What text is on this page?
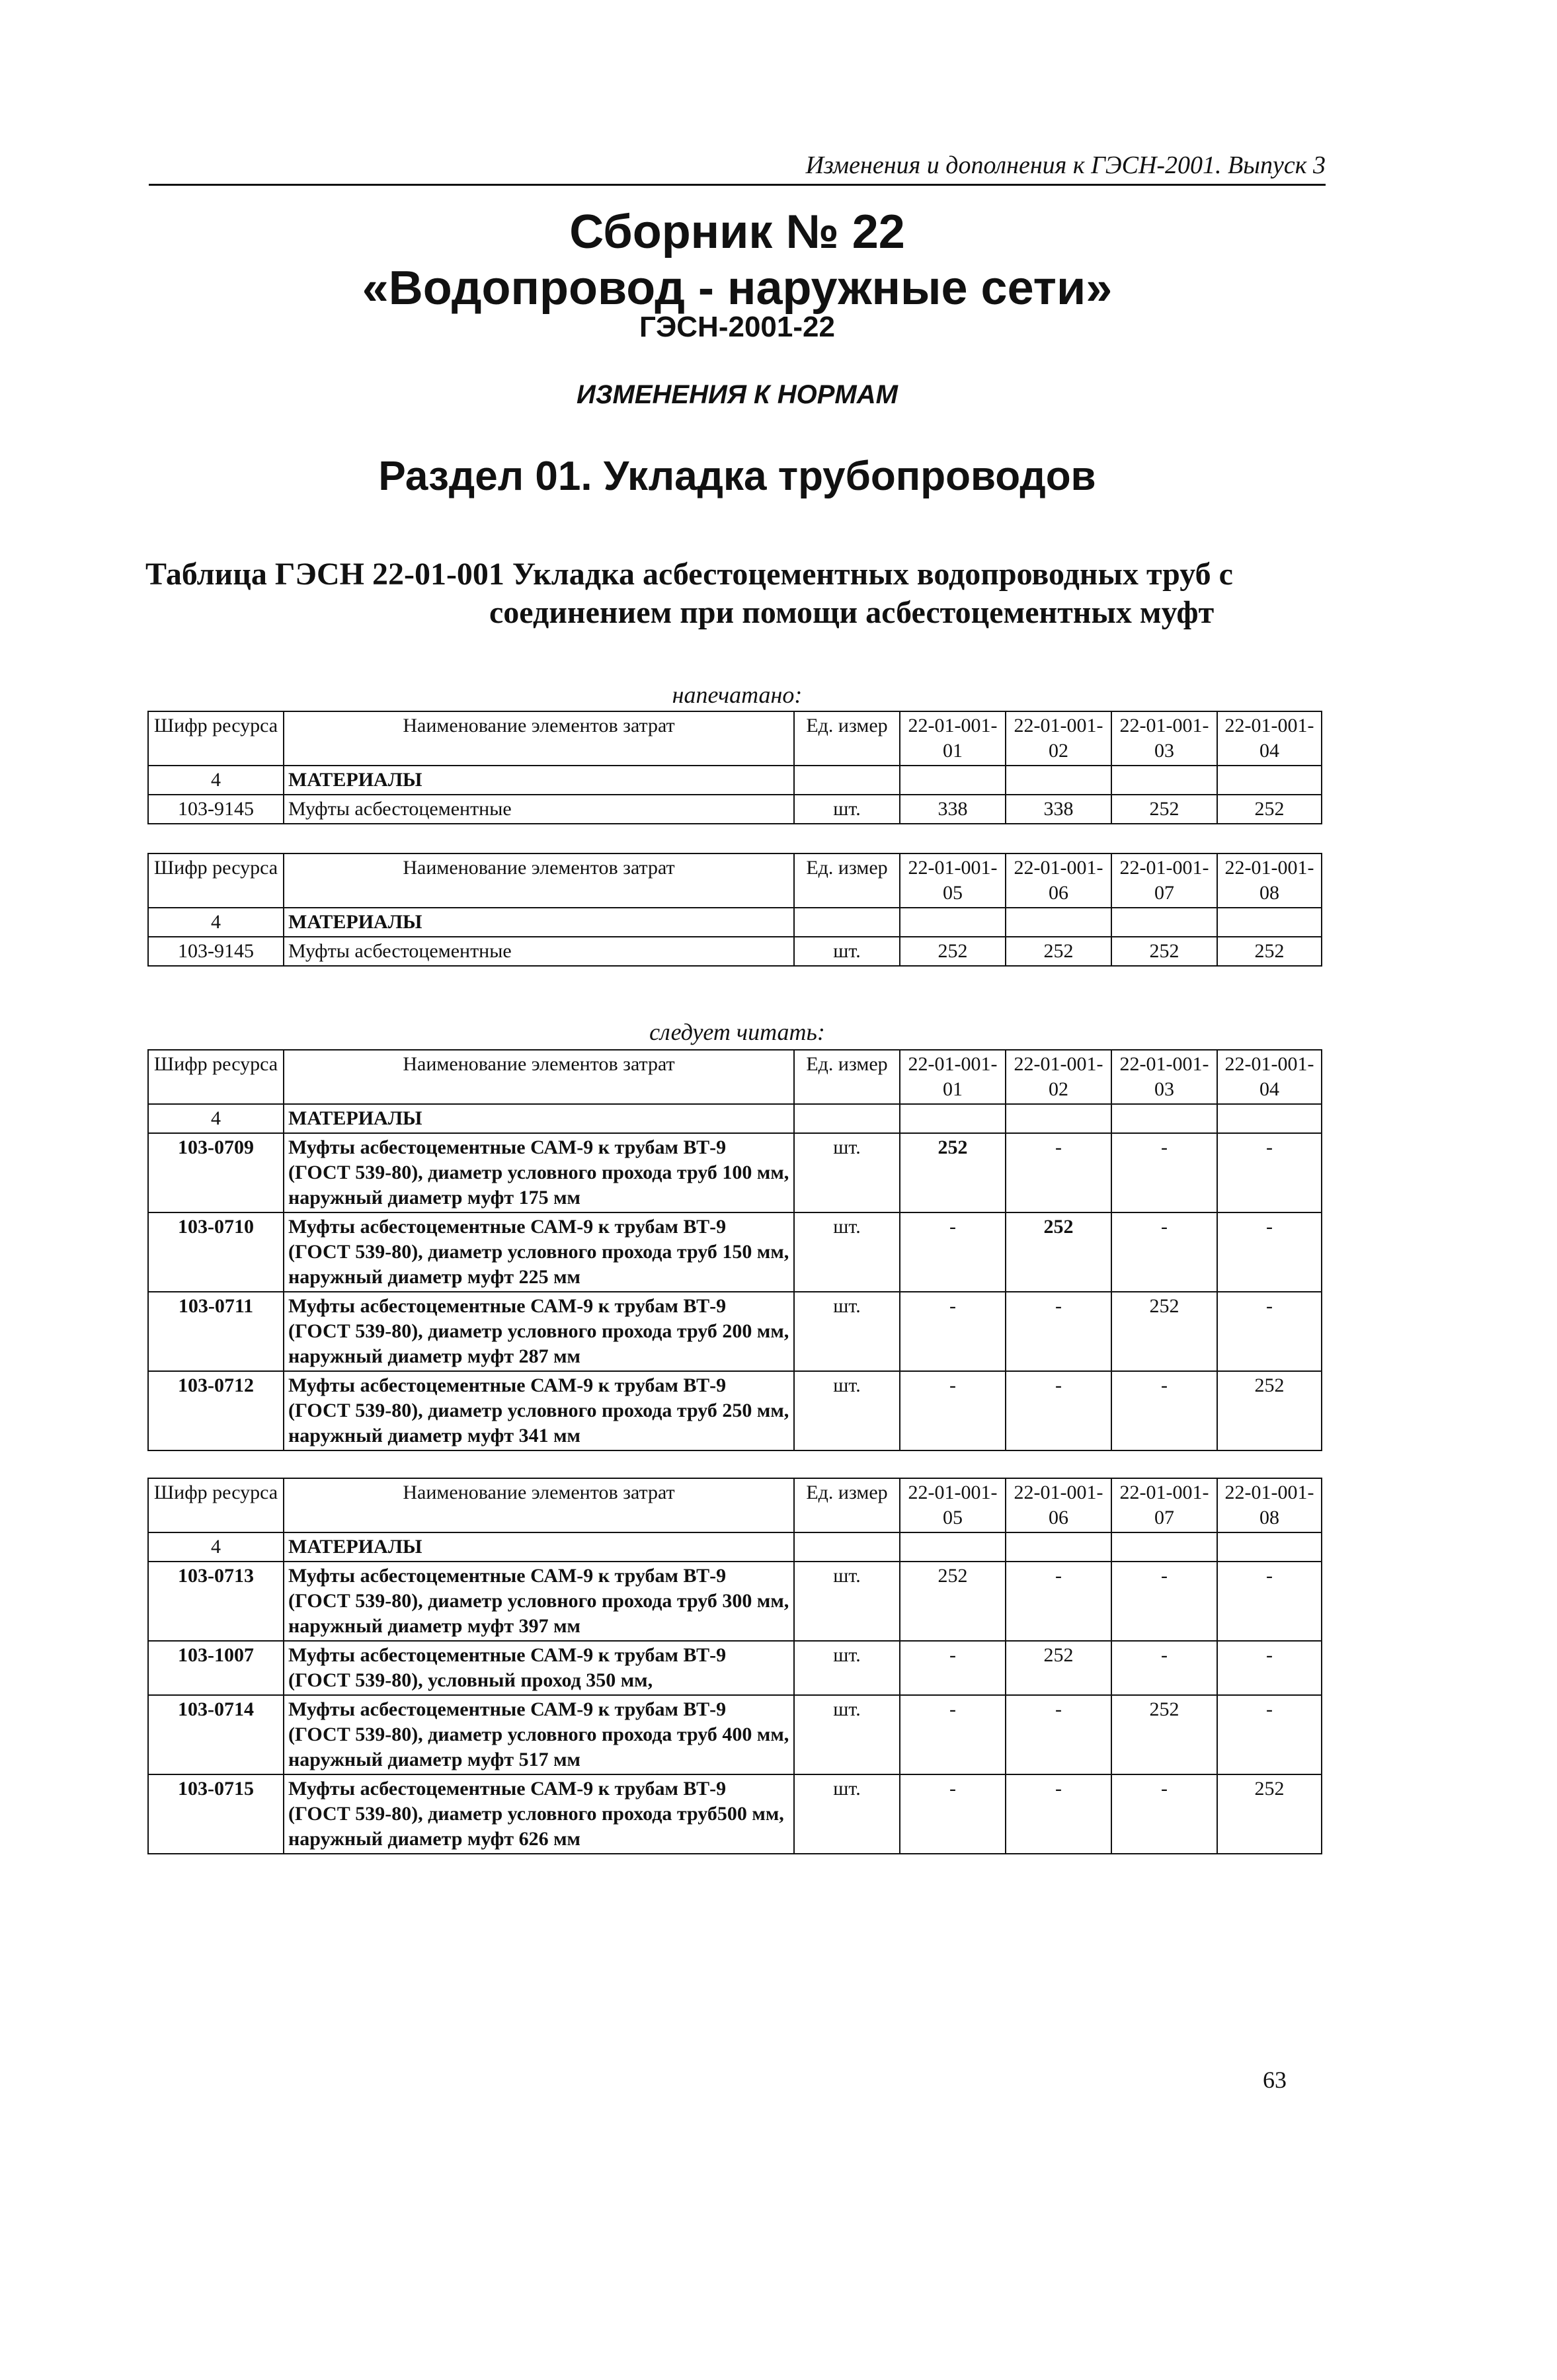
Изменения и дополнения к ГЭСН-2001. Выпуск 3
Сборник № 22
«Водопровод - наружные сети»
ГЭСН-2001-22
ИЗМЕНЕНИЯ К НОРМАМ
Раздел 01. Укладка трубопроводов
Таблица ГЭСН 22-01-001 Укладка асбестоцементных водопроводных труб с
соединением при помощи асбестоцементных муфт
напечатано:
Шифр ресурса	Наименование элементов затрат	Ед. измер	22-01-001-01	22-01-001-02	22-01-001-03	22-01-001-04
4	МАТЕРИАЛЫ					
103-9145	Муфты асбестоцементные	шт.	338	338	252	252
Шифр ресурса	Наименование элементов затрат	Ед. измер	22-01-001-05	22-01-001-06	22-01-001-07	22-01-001-08
4	МАТЕРИАЛЫ					
103-9145	Муфты асбестоцементные	шт.	252	252	252	252
следует читать:
Шифр ресурса	Наименование элементов затрат	Ед. измер	22-01-001-01	22-01-001-02	22-01-001-03	22-01-001-04
4	МАТЕРИАЛЫ					
103-0709	Муфты асбестоцементные САМ-9 к трубам ВТ-9 (ГОСТ 539-80), диаметр условного прохода труб 100 мм, наружный диаметр муфт 175 мм	шт.	252	-	-	-
103-0710	Муфты асбестоцементные САМ-9 к трубам ВТ-9 (ГОСТ 539-80), диаметр условного прохода труб 150 мм, наружный диаметр муфт 225 мм	шт.	-	252	-	-
103-0711	Муфты асбестоцементные САМ-9 к трубам ВТ-9 (ГОСТ 539-80), диаметр условного прохода труб 200 мм, наружный диаметр муфт 287 мм	шт.	-	-	252	-
103-0712	Муфты асбестоцементные САМ-9 к трубам ВТ-9 (ГОСТ 539-80), диаметр условного прохода труб 250 мм, наружный диаметр муфт 341 мм	шт.	-	-	-	252
Шифр ресурса	Наименование элементов затрат	Ед. измер	22-01-001-05	22-01-001-06	22-01-001-07	22-01-001-08
4	МАТЕРИАЛЫ					
103-0713	Муфты асбестоцементные САМ-9 к трубам ВТ-9 (ГОСТ 539-80), диаметр условного прохода труб 300 мм, наружный диаметр муфт 397 мм	шт.	252	-	-	-
103-1007	Муфты асбестоцементные САМ-9 к трубам ВТ-9 (ГОСТ 539-80), условный проход 350 мм,	шт.	-	252	-	-
103-0714	Муфты асбестоцементные САМ-9 к трубам ВТ-9 (ГОСТ 539-80), диаметр условного прохода труб 400 мм, наружный диаметр муфт 517 мм	шт.	-	-	252	-
103-0715	Муфты асбестоцементные САМ-9 к трубам ВТ-9 (ГОСТ 539-80), диаметр условного прохода труб500 мм, наружный диаметр муфт 626 мм	шт.	-	-	-	252
63
